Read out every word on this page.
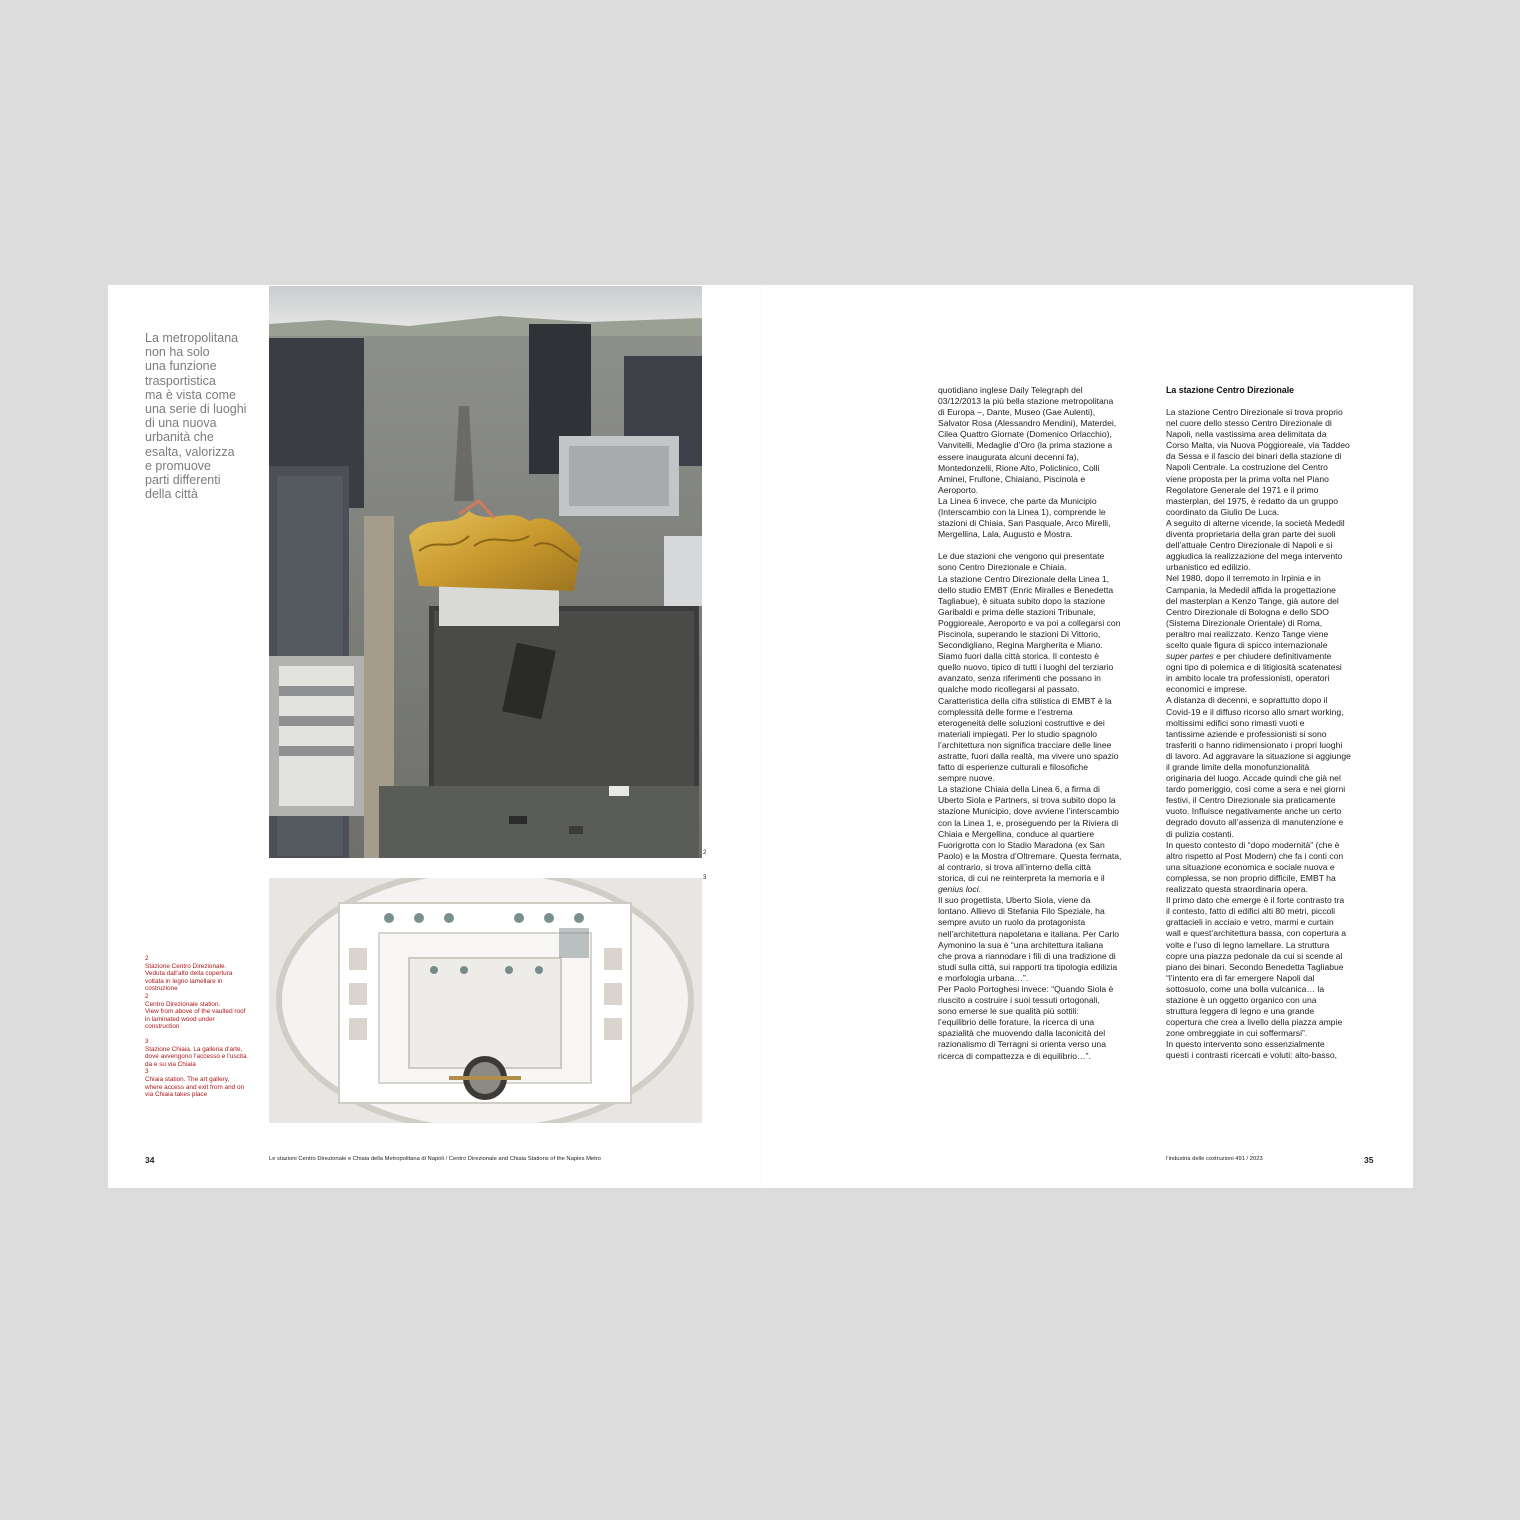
La metropolitana
non ha solo
una funzione
trasportistica
ma è vista come
una serie di luoghi
di una nuova
urbanità che
esalta, valorizza
e promuove
parti differenti
della città
2
3
2
Stazione Centro Direzionale.
Veduta dall’alto della copertura
voltata in legno lamellare in
costruzione
2
Centro Direzionale station.
View from above of the vaulted roof
in laminated wood under
construction
3
Stazione Chiaia. La galleria d’arte,
dove avvengono l’accesso e l’uscita
da e su via Chiaia
3
Chiaia station. The art gallery,
where access and exit from and on
via Chiaia takes place

quotidiano inglese Daily Telegraph del
03/12/2013 la più bella stazione metropolitana
di Europa –, Dante, Museo (Gae Aulenti),
Salvator Rosa (Alessandro Mendini), Materdei,
Cilea Quattro Giornate (Domenico Orlacchio),
Vanvitelli, Medaglie d’Oro (la prima stazione a
essere inaugurata alcuni decenni fa),
Montedonzelli, Rione Alto, Policlinico, Colli
Aminei, Frullone, Chiaiano, Piscinola e
Aeroporto.

La Linea 6 invece, che parte da Municipio
(Interscambio con la Linea 1), comprende le
stazioni di Chiaia, San Pasquale, Arco Mirelli,
Mergellina, Lala, Augusto e Mostra.

Le due stazioni che vengono qui presentate
sono Centro Direzionale e Chiaia.

La stazione Centro Direzionale della Linea 1,
dello studio EMBT (Enric Miralles e Benedetta
Tagliabue), è situata subito dopo la stazione
Garibaldi e prima delle stazioni Tribunale,
Poggioreale, Aeroporto e va poi a collegarsi con
Piscinola, superando le stazioni Di Vittorio,
Secondigliano, Regina Margherita e Miano.
Siamo fuori dalla città storica. Il contesto è
quello nuovo, tipico di tutti i luoghi del terziario
avanzato, senza riferimenti che possano in
qualche modo ricollegarsi al passato.

Caratteristica della cifra stilistica di EMBT è la
complessità delle forme e l’estrema
eterogeneità delle soluzioni costruttive e dei
materiali impiegati. Per lo studio spagnolo
l’architettura non significa tracciare delle linee
astratte, fuori dalla realtà, ma vivere uno spazio
fatto di esperienze culturali e filosofiche
sempre nuove.

La stazione Chiaia della Linea 6, a firma di
Uberto Siola e Partners, si trova subito dopo la
stazione Municipio, dove avviene l’interscambio
con la Linea 1, e, proseguendo per la Riviera di
Chiaia e Mergellina, conduce al quartiere
Fuorigrotta con lo Stadio Maradona (ex San
Paolo) e la Mostra d’Oltremare. Questa fermata,
al contrario, si trova all’interno della città
storica, di cui ne reinterpreta la memoria e il
genius loci.

Il suo progettista, Uberto Siola, viene da
lontano. Allievo di Stefania Filo Speziale, ha
sempre avuto un ruolo da protagonista
nell’architettura napoletana e italiana. Per Carlo
Aymonino la sua è “una architettura italiana
che prova a riannodare i fili di una tradizione di
studi sulla città, sui rapporti tra tipologia edilizia
e morfologia urbana…”.

Per Paolo Portoghesi invece: “Quando Siola è
riuscito a costruire i suoi tessuti ortogonali,
sono emerse le sue qualità più sottili:
l’equilibrio delle forature, la ricerca di una
spazialità che muovendo dalla laconicità del
razionalismo di Terragni si orienta verso una
ricerca di compattezza e di equilibrio…”.

La stazione Centro Direzionale

La stazione Centro Direzionale si trova proprio
nel cuore dello stesso Centro Direzionale di
Napoli, nella vastissima area delimitata da
Corso Malta, via Nuova Poggioreale, via Taddeo
da Sessa e il fascio dei binari della stazione di
Napoli Centrale. La costruzione del Centro
viene proposta per la prima volta nel Piano
Regolatore Generale del 1971 e il primo
masterplan, del 1975, è redatto da un gruppo
coordinato da Giulio De Luca.

A seguito di alterne vicende, la società Mededil
diventa proprietaria della gran parte dei suoli
dell’attuale Centro Direzionale di Napoli e si
aggiudica la realizzazione del mega intervento
urbanistico ed edilizio.

Nel 1980, dopo il terremoto in Irpinia e in
Campania, la Mededil affida la progettazione
del masterplan a Kenzo Tange, già autore del
Centro Direzionale di Bologna e dello SDO
(Sistema Direzionale Orientale) di Roma,
peraltro mai realizzato. Kenzo Tange viene
scelto quale figura di spicco internazionale
super partes e per chiudere definitivamente
ogni tipo di polemica e di litigiosità scatenatesi
in ambito locale tra professionisti, operatori
economici e imprese.

A distanza di decenni, e soprattutto dopo il
Covid-19 e il diffuso ricorso allo smart working,
moltissimi edifici sono rimasti vuoti e
tantissime aziende e professionisti si sono
trasferiti o hanno ridimensionato i propri luoghi
di lavoro. Ad aggravare la situazione si aggiunge
il grande limite della monofunzionalità
originaria del luogo. Accade quindi che già nel
tardo pomeriggio, così come a sera e nei giorni
festivi, il Centro Direzionale sia praticamente
vuoto. Influisce negativamente anche un certo
degrado dovuto all’assenza di manutenzione e
di pulizia costanti.

In questo contesto di “dopo modernità” (che è
altro rispetto al Post Modern) che fa i conti con
una situazione economica e sociale nuova e
complessa, se non proprio difficile, EMBT ha
realizzato questa straordinaria opera.

Il primo dato che emerge è il forte contrasto tra
il contesto, fatto di edifici alti 80 metri, piccoli
grattacieli in acciaio e vetro, marmi e curtain
wall e quest’architettura bassa, con copertura a
volte e l’uso di legno lamellare. La struttura
copre una piazza pedonale da cui si scende al
piano dei binari. Secondo Benedetta Tagliabue
“l’intento era di far emergere Napoli dal
sottosuolo, come una bolla vulcanica… la
stazione è un oggetto organico con una
struttura leggera di legno e una grande
copertura che crea a livello della piazza ampie
zone ombreggiate in cui soffermarsi”.

In questo intervento sono essenzialmente
questi i contrasti ricercati e voluti: alto-basso,

34	Le stazioni Centro Direzionale e Chiaia della Metropolitana di Napoli / Centro Direzionale and Chiaia Stations of the Naples Metro	l’industria delle costruzioni 491 / 2023	35
